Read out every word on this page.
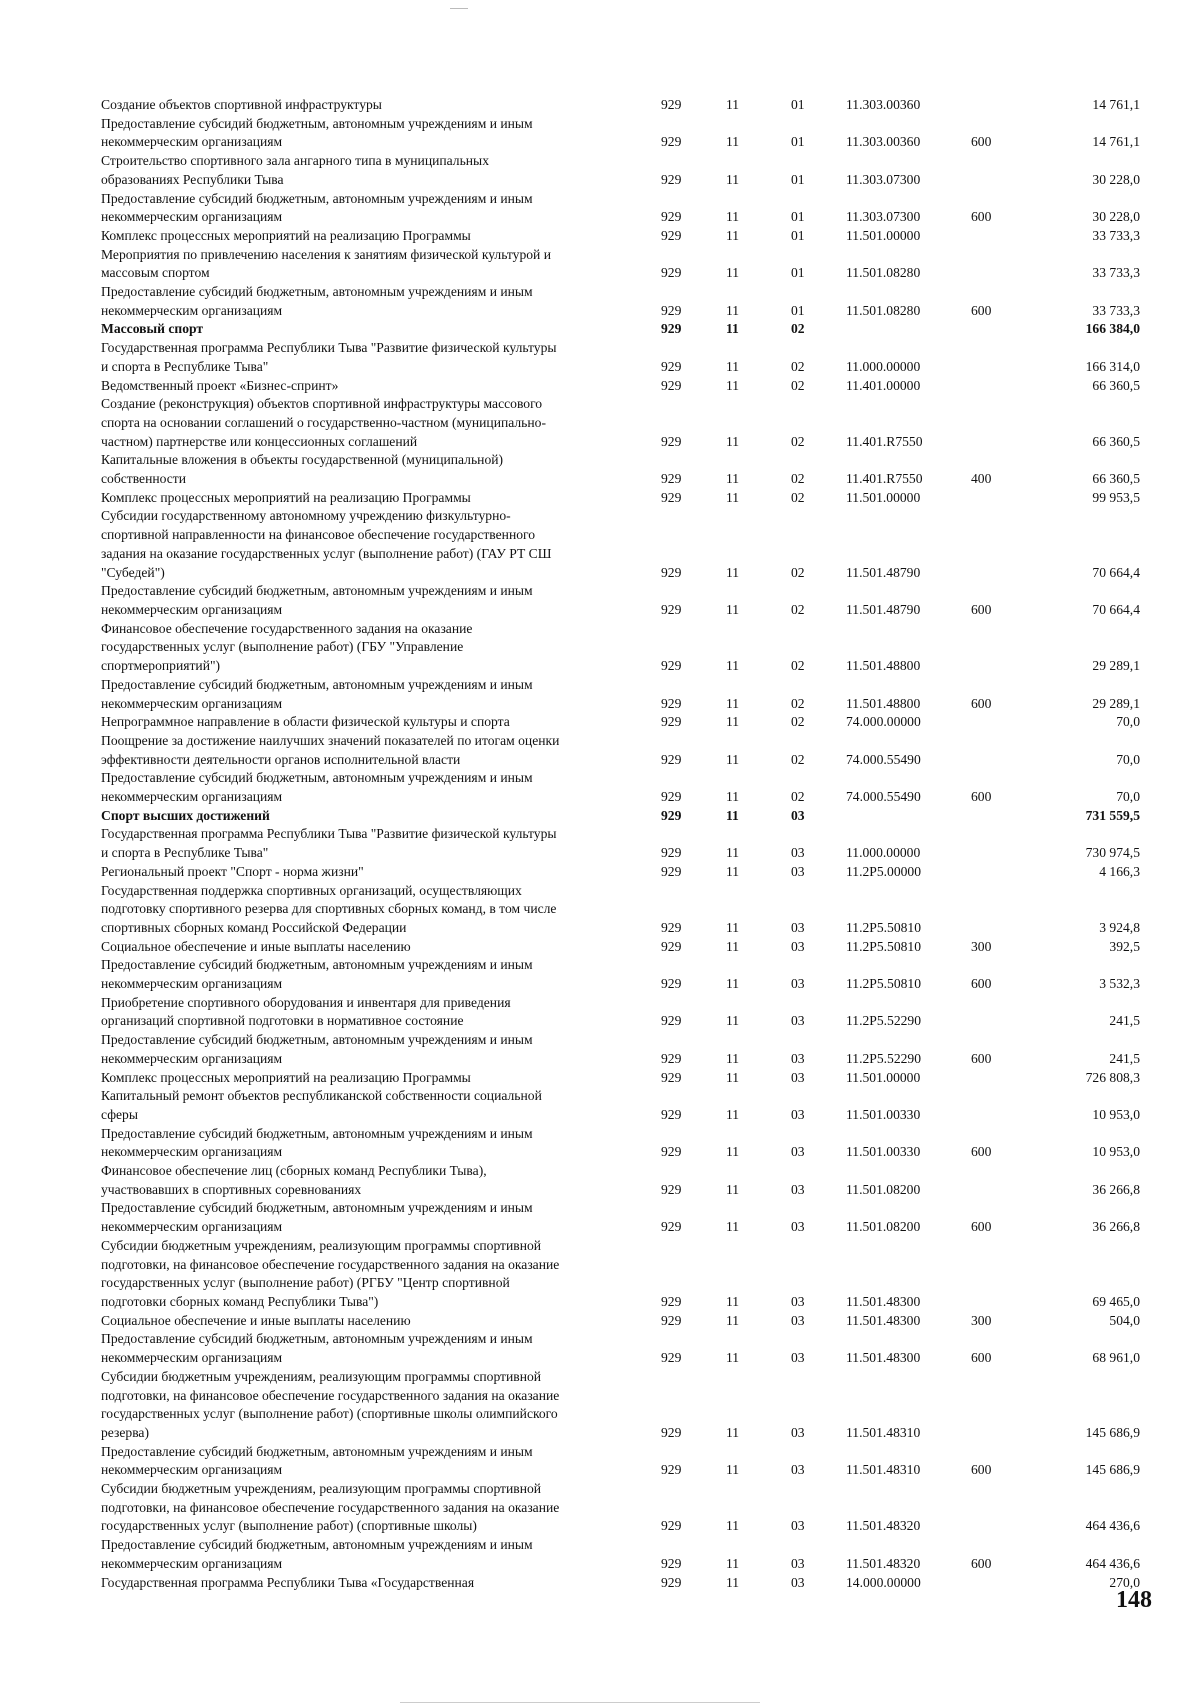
Создание объектов спортивной инфраструктуры	929	11	01	11.303.00360	14 761,1
Предоставление субсидий бюджетным, автономным учреждениям и иным
некоммерческим организациям	929	11	01	11.303.00360	600	14 761,1
Строительство спортивного зала ангарного типа в муниципальных
образованиях Республики Тыва	929	11	01	11.303.07300	30 228,0
Предоставление субсидий бюджетным, автономным учреждениям и иным
некоммерческим организациям	929	11	01	11.303.07300	600	30 228,0
Комплекс процессных мероприятий на реализацию Программы	929	11	01	11.501.00000	33 733,3
Мероприятия по привлечению населения к занятиям физической культурой и
массовым спортом	929	11	01	11.501.08280	33 733,3
Предоставление субсидий бюджетным, автономным учреждениям и иным
некоммерческим организациям	929	11	01	11.501.08280	600	33 733,3
Массовый спорт	929	11	02	166 384,0
Государственная программа Республики Тыва "Развитие физической культуры
и спорта в Республике Тыва"	929	11	02	11.000.00000	166 314,0
Ведомственный проект «Бизнес-спринт»	929	11	02	11.401.00000	66 360,5
Создание (реконструкция) объектов спортивной инфраструктуры массового
спорта на основании соглашений о государственно-частном (муниципально-
частном) партнерстве или концессионных соглашений	929	11	02	11.401.R7550	66 360,5
Капитальные вложения в объекты государственной (муниципальной)
собственности	929	11	02	11.401.R7550	400	66 360,5
Комплекс процессных мероприятий на реализацию Программы	929	11	02	11.501.00000	99 953,5
Субсидии государственному автономному учреждению физкультурно-
спортивной направленности на финансовое обеспечение государственного
задания на оказание государственных услуг (выполнение работ) (ГАУ РТ СШ
"Субедей")	929	11	02	11.501.48790	70 664,4
Предоставление субсидий бюджетным, автономным учреждениям и иным
некоммерческим организациям	929	11	02	11.501.48790	600	70 664,4
Финансовое обеспечение государственного задания на оказание
государственных услуг (выполнение работ) (ГБУ "Управление
спортмероприятий")	929	11	02	11.501.48800	29 289,1
Предоставление субсидий бюджетным, автономным учреждениям и иным
некоммерческим организациям	929	11	02	11.501.48800	600	29 289,1
Непрограммное направление в области физической культуры и спорта	929	11	02	74.000.00000	70,0
Поощрение за достижение наилучших значений показателей по итогам оценки
эффективности деятельности органов исполнительной власти	929	11	02	74.000.55490	70,0
Предоставление субсидий бюджетным, автономным учреждениям и иным
некоммерческим организациям	929	11	02	74.000.55490	600	70,0
Спорт высших достижений	929	11	03	731 559,5
Государственная программа Республики Тыва "Развитие физической культуры
и спорта в Республике Тыва"	929	11	03	11.000.00000	730 974,5
Региональный проект "Спорт - норма жизни"	929	11	03	11.2P5.00000	4 166,3
Государственная поддержка спортивных организаций, осуществляющих
подготовку спортивного резерва для спортивных сборных команд, в том числе
спортивных сборных команд Российской Федерации	929	11	03	11.2P5.50810	3 924,8
Социальное обеспечение и иные выплаты населению	929	11	03	11.2P5.50810	300	392,5
Предоставление субсидий бюджетным, автономным учреждениям и иным
некоммерческим организациям	929	11	03	11.2P5.50810	600	3 532,3
Приобретение спортивного оборудования и инвентаря для приведения
организаций спортивной подготовки в нормативное состояние	929	11	03	11.2P5.52290	241,5
Предоставление субсидий бюджетным, автономным учреждениям и иным
некоммерческим организациям	929	11	03	11.2P5.52290	600	241,5
Комплекс процессных мероприятий на реализацию Программы	929	11	03	11.501.00000	726 808,3
Капитальный ремонт объектов республиканской собственности социальной
сферы	929	11	03	11.501.00330	10 953,0
Предоставление субсидий бюджетным, автономным учреждениям и иным
некоммерческим организациям	929	11	03	11.501.00330	600	10 953,0
Финансовое обеспечение лиц (сборных команд Республики Тыва),
участвовавших в спортивных соревнованиях	929	11	03	11.501.08200	36 266,8
Предоставление субсидий бюджетным, автономным учреждениям и иным
некоммерческим организациям	929	11	03	11.501.08200	600	36 266,8
Субсидии бюджетным учреждениям, реализующим программы спортивной
подготовки, на финансовое обеспечение государственного задания на оказание
государственных услуг (выполнение работ) (РГБУ "Центр спортивной
подготовки сборных команд Республики Тыва")	929	11	03	11.501.48300	69 465,0
Социальное обеспечение и иные выплаты населению	929	11	03	11.501.48300	300	504,0
Предоставление субсидий бюджетным, автономным учреждениям и иным
некоммерческим организациям	929	11	03	11.501.48300	600	68 961,0
Субсидии бюджетным учреждениям, реализующим программы спортивной
подготовки, на финансовое обеспечение государственного задания на оказание
государственных услуг (выполнение работ) (спортивные школы олимпийского
резерва)	929	11	03	11.501.48310	145 686,9
Предоставление субсидий бюджетным, автономным учреждениям и иным
некоммерческим организациям	929	11	03	11.501.48310	600	145 686,9
Субсидии бюджетным учреждениям, реализующим программы спортивной
подготовки, на финансовое обеспечение государственного задания на оказание
государственных услуг (выполнение работ) (спортивные школы)	929	11	03	11.501.48320	464 436,6
Предоставление субсидий бюджетным, автономным учреждениям и иным
некоммерческим организациям	929	11	03	11.501.48320	600	464 436,6
Государственная программа Республики Тыва «Государственная	929	11	03	14.000.00000	270,0
148
